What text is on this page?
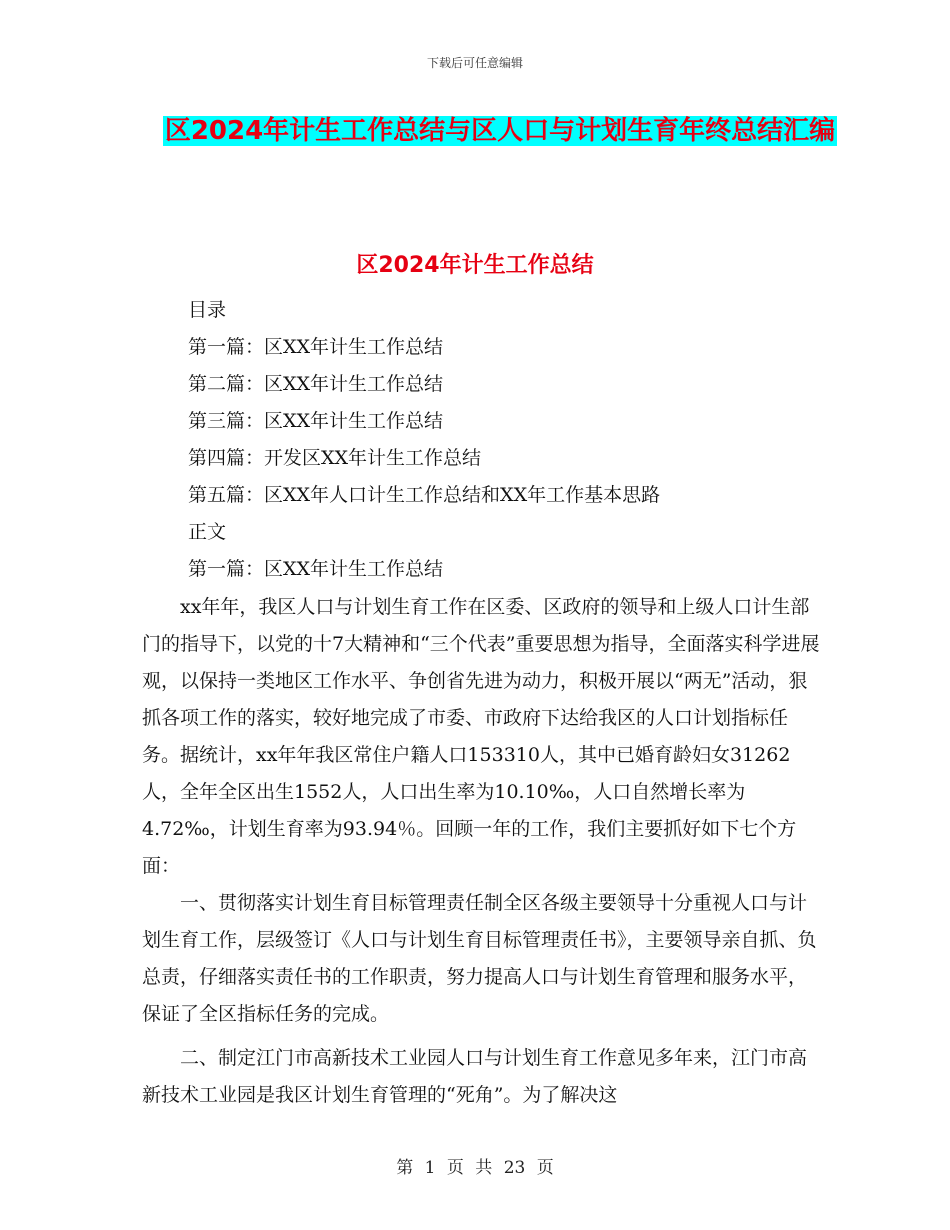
下载后可任意编辑
区2024年计生工作总结与区人口与计划生育年终总结汇编
区2024年计生工作总结
目录
第一篇：区XX年计生工作总结
第二篇：区XX年计生工作总结
第三篇：区XX年计生工作总结
第四篇：开发区XX年计生工作总结
第五篇：区XX年人口计生工作总结和XX年工作基本思路
正文
第一篇：区XX年计生工作总结

xx年年，我区人口与计划生育工作在区委、区政府的领导和上级人口计生部门的指导下，以党的十7大精神和“三个代表”重要思想为指导，全面落实科学进展观，以保持一类地区工作水平、争创省先进为动力，积极开展以“两无”活动，狠抓各项工作的落实，较好地完成了市委、市政府下达给我区的人口计划指标任务。据统计，xx年年我区常住户籍人口153310人，其中已婚育龄妇女31262人，全年全区出生1552人，人口出生率为10.10‰，人口自然增长率为4.72‰，计划生育率为93.94％。回顾一年的工作，我们主要抓好如下七个方面：

一、贯彻落实计划生育目标管理责任制全区各级主要领导十分重视人口与计划生育工作，层级签订《人口与计划生育目标管理责任书》，主要领导亲自抓、负总责，仔细落实责任书的工作职责，努力提高人口与计划生育管理和服务水平，保证了全区指标任务的完成。

二、制定江门市高新技术工业园人口与计划生育工作意见多年来，江门市高新技术工业园是我区计划生育管理的“死角”。为了解决这

第 1 页 共 23 页
